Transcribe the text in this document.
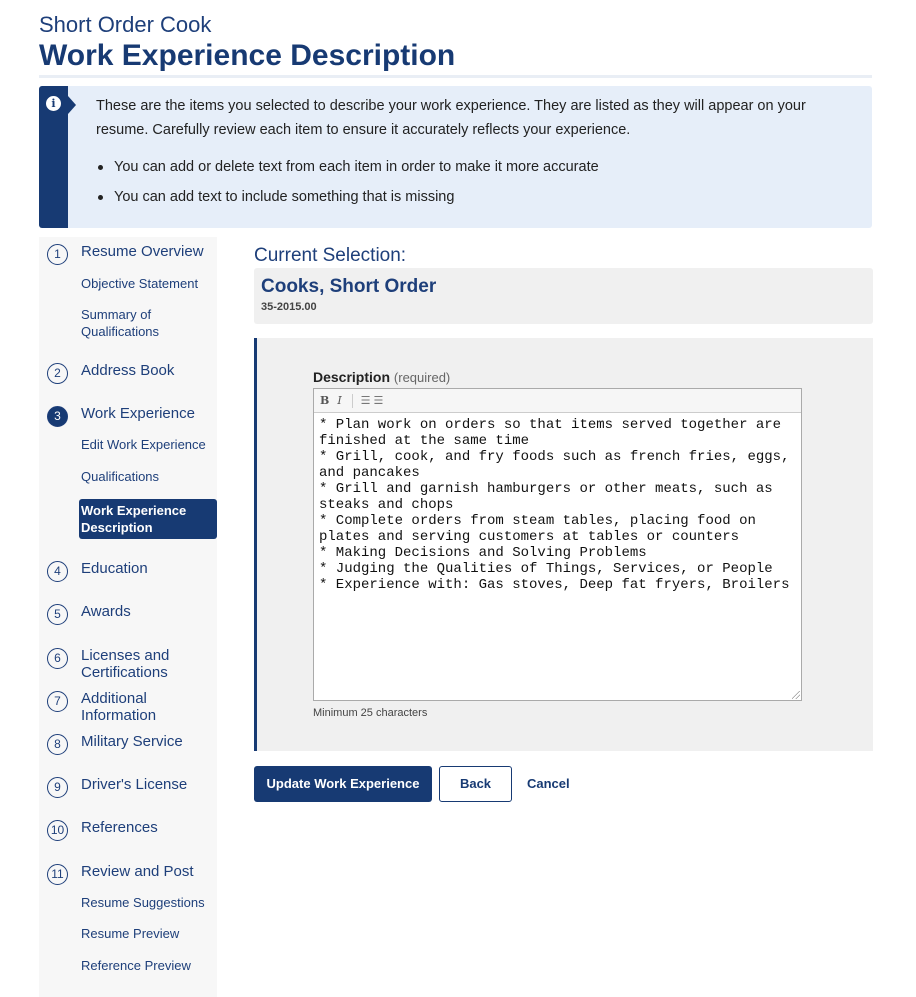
Short Order Cook
Work Experience Description
i	These are the items you selected to describe your work experience. They are listed as they will appear on your resume. Carefully review each item to ensure it accurately reflects your experience.
You can add or delete text from each item in order to make it more accurate
You can add text to include something that is missing
1	Resume Overview
Objective Statement
Summary of Qualifications
2	Address Book
3	Work Experience
Edit Work Experience
Qualifications
Work Experience Description
4	Education
5	Awards
6	Licenses and Certifications
7	Additional Information
8	Military Service
9	Driver's License
10 References
11 Review and Post
Resume Suggestions
Resume Preview
Reference Preview
Current Selection:
Cooks, Short Order
35-2015.00
Description (required)
B I ☰ ☰
* Plan work on orders so that items served together are finished at the same time
* Grill, cook, and fry foods such as french fries, eggs, and pancakes
* Grill and garnish hamburgers or other meats, such as steaks and chops
* Complete orders from steam tables, placing food on plates and serving customers at tables or counters
* Making Decisions and Solving Problems
* Judging the Qualities of Things, Services, or People
* Experience with: Gas stoves, Deep fat fryers, Broilers
Minimum 25 characters
Update Work Experience	Back	Cancel
